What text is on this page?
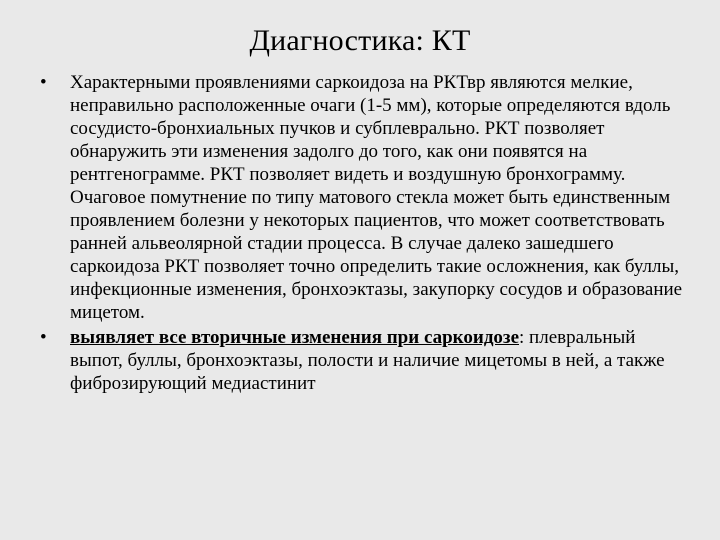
Диагностика: КТ
•	Характерными проявлениями саркоидоза на РКТвр являются мелкие, неправильно расположенные очаги (1-5 мм), которые определяются вдоль сосудисто-бронхиальных пучков и субплеврально. РКТ позволяет обнаружить эти изменения задолго до того, как они появятся на рентгенограмме. РКТ позволяет видеть и воздушную бронхограмму. Очаговое помутнение по типу матового стекла может быть единственным проявлением болезни у некоторых пациентов, что может соответствовать ранней альвеолярной стадии процесса. В случае далеко зашедшего саркоидоза РКТ позволяет точно определить такие осложнения, как буллы, инфекционные изменения, бронхоэктазы, закупорку сосудов и образование мицетом.
•	выявляет все вторичные изменения при саркоидозе: плевральный выпот, буллы, бронхоэктазы, полости и наличие мицетомы в ней, а также фиброзирующий медиастинит
